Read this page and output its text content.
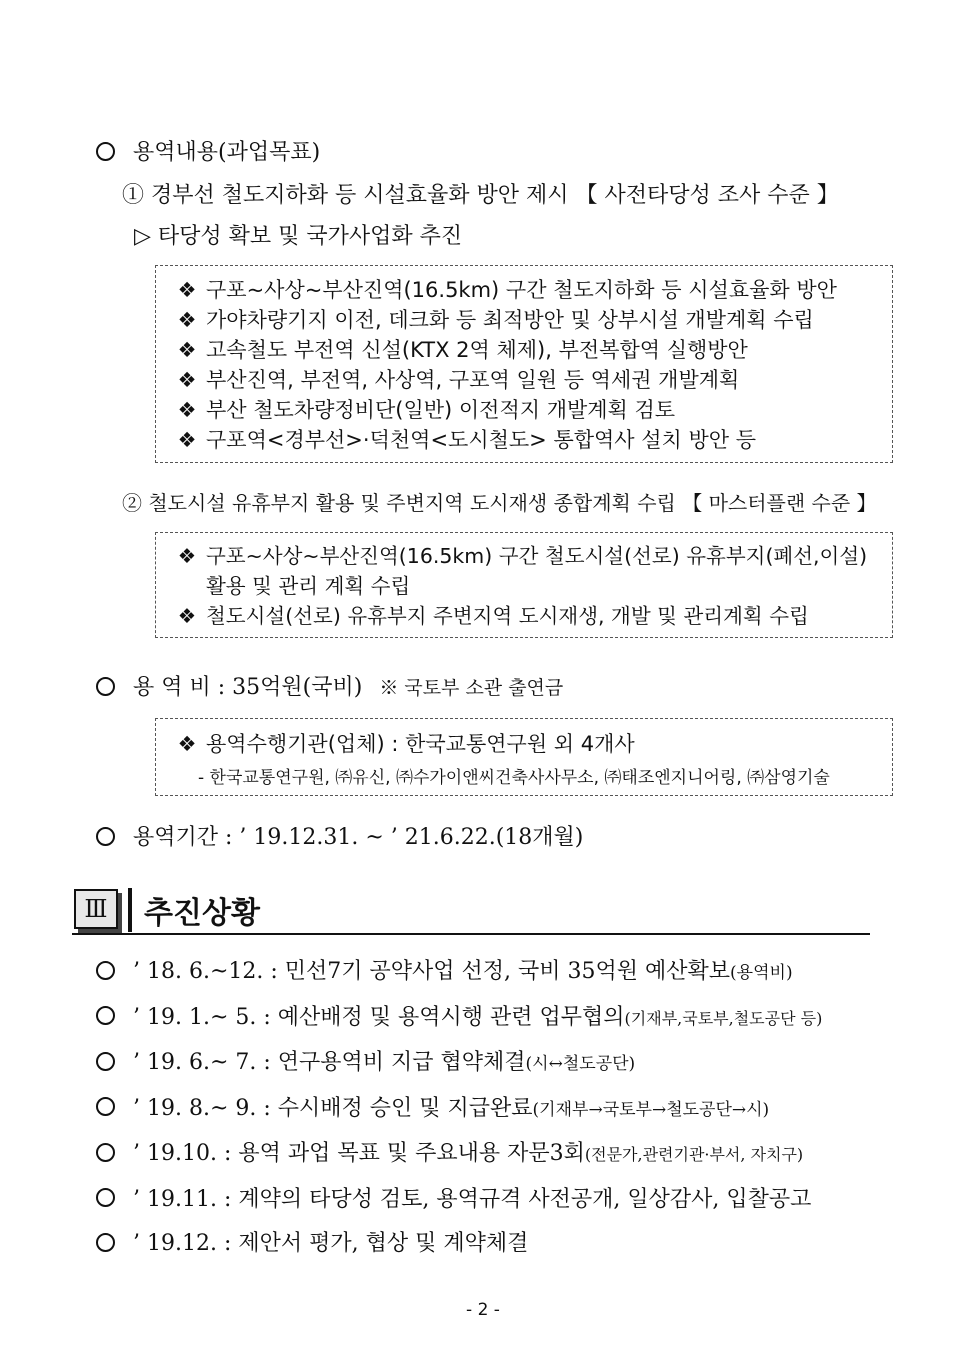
용역내용(과업목표)
① 경부선 철도지하화 등 시설효율화 방안 제시 【 사전타당성 조사 수준 】
▷ 타당성 확보 및 국가사업화 추진
❖ 구포~사상~부산진역(16.5km) 구간 철도지하화 등 시설효율화 방안
❖ 가야차량기지 이전, 데크화 등 최적방안 및 상부시설 개발계획 수립
❖ 고속철도 부전역 신설(KTX 2역 체제), 부전복합역 실행방안
❖ 부산진역, 부전역, 사상역, 구포역 일원 등 역세권 개발계획
❖ 부산 철도차량정비단(일반) 이전적지 개발계획 검토
❖ 구포역<경부선>·덕천역<도시철도> 통합역사 설치 방안 등
② 철도시설 유휴부지 활용 및 주변지역 도시재생 종합계획 수립 【 마스터플랜 수준 】
❖ 구포~사상~부산진역(16.5km) 구간 철도시설(선로) 유휴부지(폐선,이설)
활용 및 관리 계획 수립
❖ 철도시설(선로) 유휴부지 주변지역 도시재생, 개발 및 관리계획 수립
용 역 비 : 35억원(국비) ※ 국토부 소관 출연금
❖ 용역수행기관(업체) : 한국교통연구원 외 4개사
- 한국교통연구원, ㈜유신, ㈜수가이앤씨건축사사무소, ㈜태조엔지니어링, ㈜삼영기술
용역기간 : ’ 19.12.31. ~ ’ 21.6.22.(18개월)
Ⅲ	추진상황
’ 18. 6.~12. : 민선7기 공약사업 선정, 국비 35억원 예산확보(용역비)
’ 19. 1.~ 5. : 예산배정 및 용역시행 관련 업무협의(기재부,국토부,철도공단 등)
’ 19. 6.~ 7. : 연구용역비 지급 협약체결(시↔철도공단)
’ 19. 8.~ 9. : 수시배정 승인 및 지급완료(기재부→국토부→철도공단→시)
’ 19.10. : 용역 과업 목표 및 주요내용 자문3회(전문가,관련기관·부서, 자치구)
’ 19.11. : 계약의 타당성 검토, 용역규격 사전공개, 일상감사, 입찰공고
’ 19.12. : 제안서 평가, 협상 및 계약체결
- 2 -
